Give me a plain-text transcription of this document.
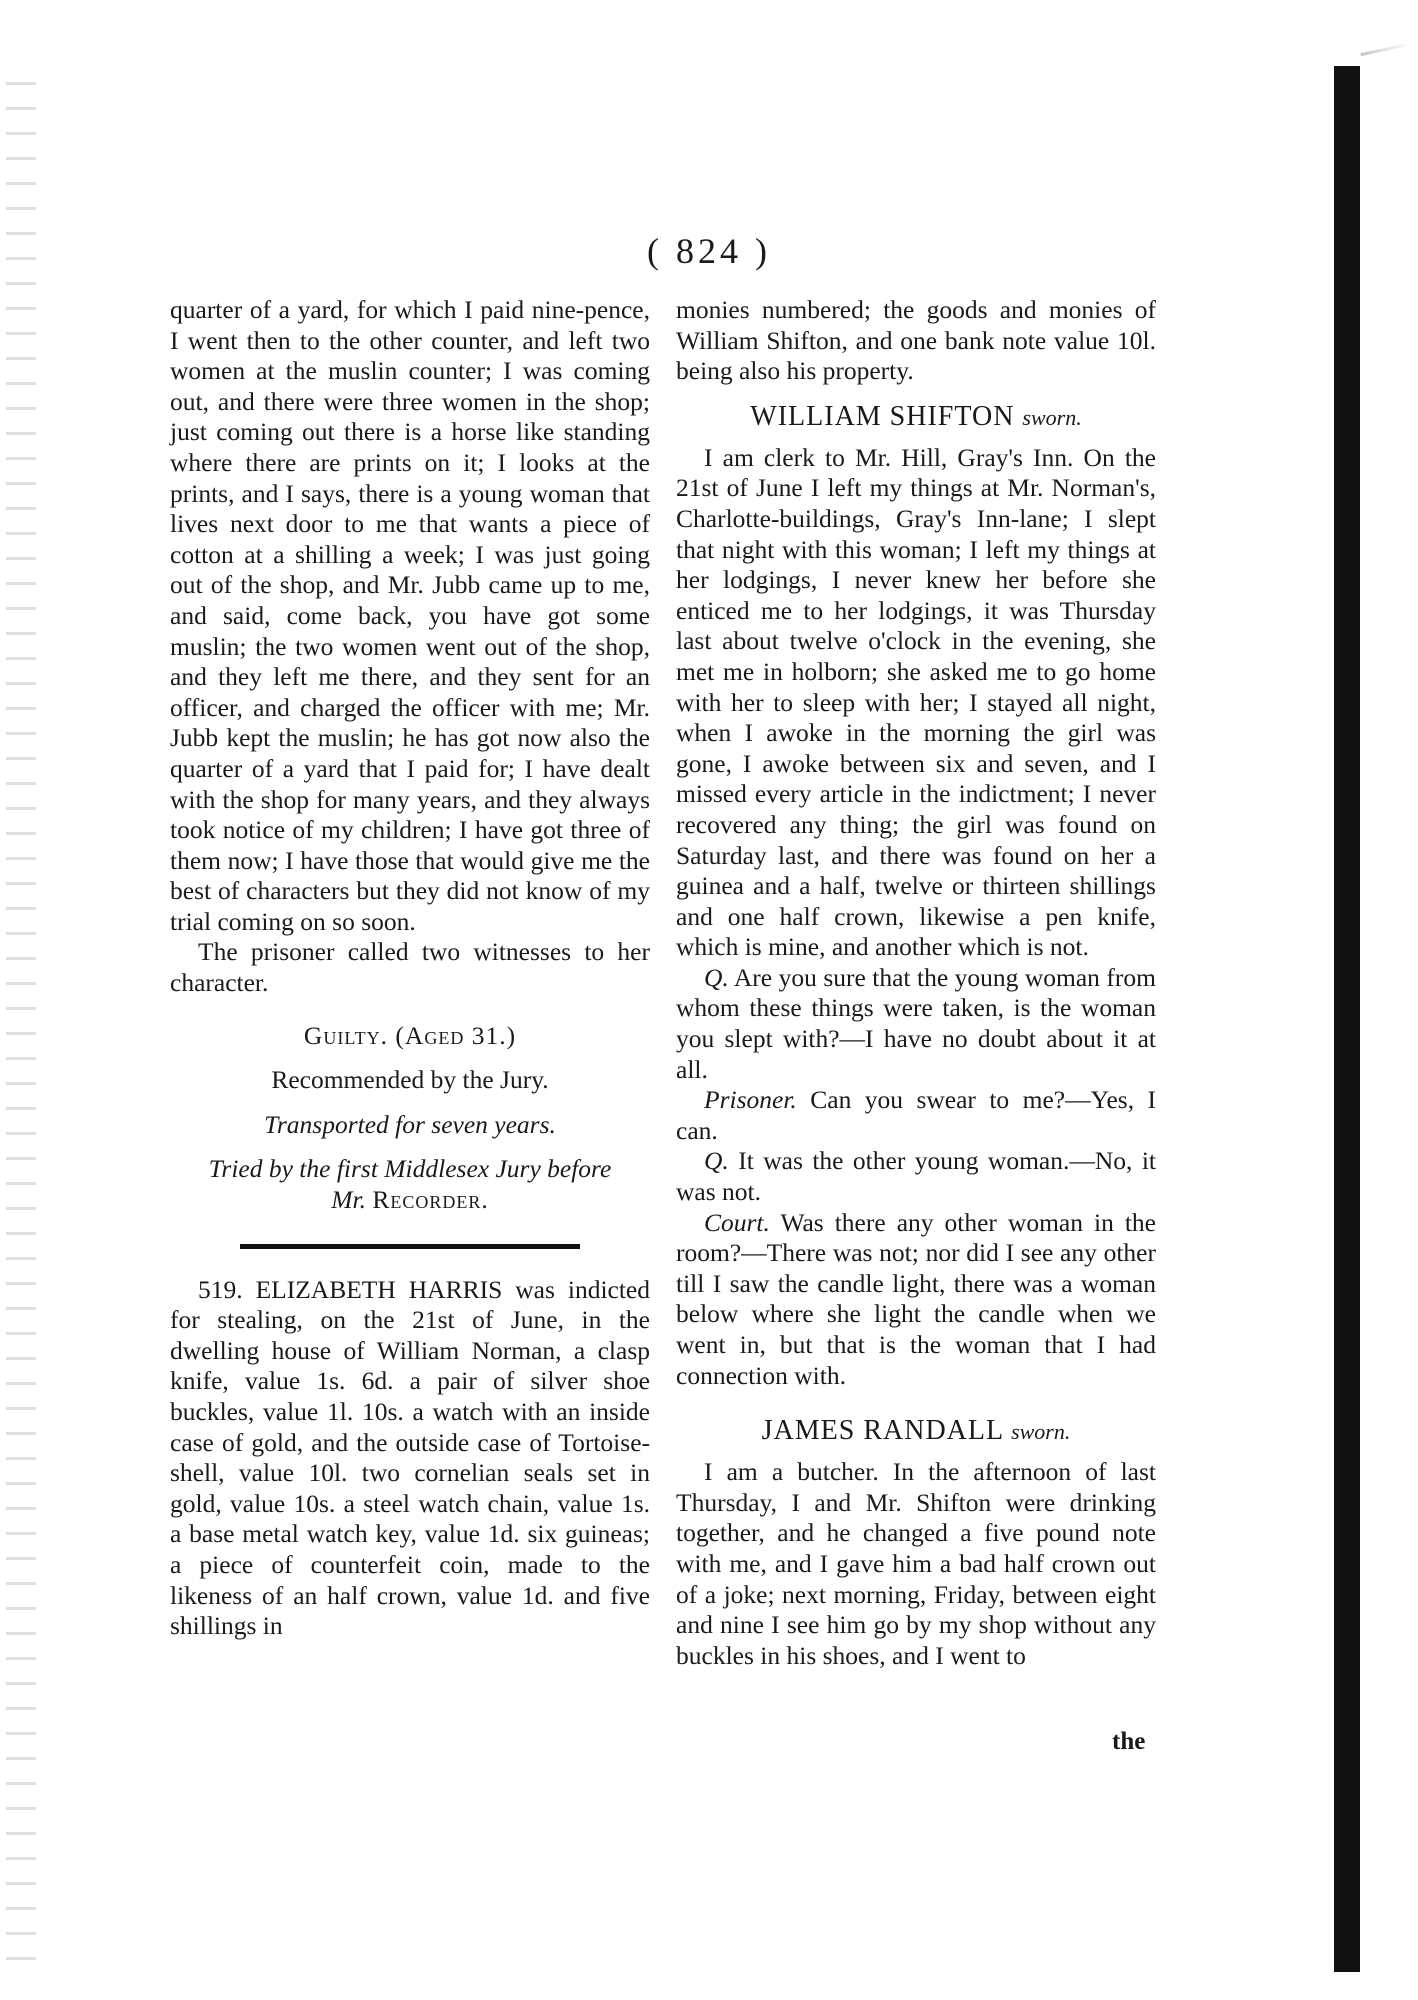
( 824 )

quarter of a yard, for which I paid nine-pence, I went then to the other counter, and left two women at the muslin counter; I was coming out, and there were three women in the shop; just coming out there is a horse like standing where there are prints on it; I looks at the prints, and I says, there is a young woman that lives next door to me that wants a piece of cotton at a shilling a week; I was just going out of the shop, and Mr. Jubb came up to me, and said, come back, you have got some muslin; the two women went out of the shop, and they left me there, and they sent for an officer, and charged the officer with me; Mr. Jubb kept the muslin; he has got now also the quarter of a yard that I paid for; I have dealt with the shop for many years, and they always took notice of my children; I have got three of them now; I have those that would give me the best of characters but they did not know of my trial coming on so soon.

The prisoner called two witnesses to her character.

Guilty. (Aged 31.)

Recommended by the Jury.

Transported for seven years.

Tried by the first Middlesex Jury before

Mr. Recorder.

519. ELIZABETH HARRIS was indicted for stealing, on the 21st of June, in the dwelling house of William Norman, a clasp knife, value 1s. 6d. a pair of silver shoe buckles, value 1l. 10s. a watch with an inside case of gold, and the outside case of Tortoise-shell, value 10l. two cornelian seals set in gold, value 10s. a steel watch chain, value 1s. a base metal watch key, value 1d. six guineas; a piece of counterfeit coin, made to the likeness of an half crown, value 1d. and five shillings in

monies numbered; the goods and monies of William Shifton, and one bank note value 10l. being also his property.

WILLIAM SHIFTON sworn.

I am clerk to Mr. Hill, Gray's Inn. On the 21st of June I left my things at Mr. Norman's, Charlotte-buildings, Gray's Inn-lane; I slept that night with this woman; I left my things at her lodgings, I never knew her before she enticed me to her lodgings, it was Thursday last about twelve o'clock in the evening, she met me in holborn; she asked me to go home with her to sleep with her; I stayed all night, when I awoke in the morning the girl was gone, I awoke between six and seven, and I missed every article in the indictment; I never recovered any thing; the girl was found on Saturday last, and there was found on her a guinea and a half, twelve or thirteen shillings and one half crown, likewise a pen knife, which is mine, and another which is not.

Q. Are you sure that the young woman from whom these things were taken, is the woman you slept with?—I have no doubt about it at all.

Prisoner. Can you swear to me?—Yes, I can.

Q. It was the other young woman.—No, it was not.

Court. Was there any other woman in the room?—There was not; nor did I see any other till I saw the candle light, there was a woman below where she light the candle when we went in, but that is the woman that I had connection with.

JAMES RANDALL sworn.

I am a butcher. In the afternoon of last Thursday, I and Mr. Shifton were drinking together, and he changed a five pound note with me, and I gave him a bad half crown out of a joke; next morning, Friday, between eight and nine I see him go by my shop without any buckles in his shoes, and I went to

the
